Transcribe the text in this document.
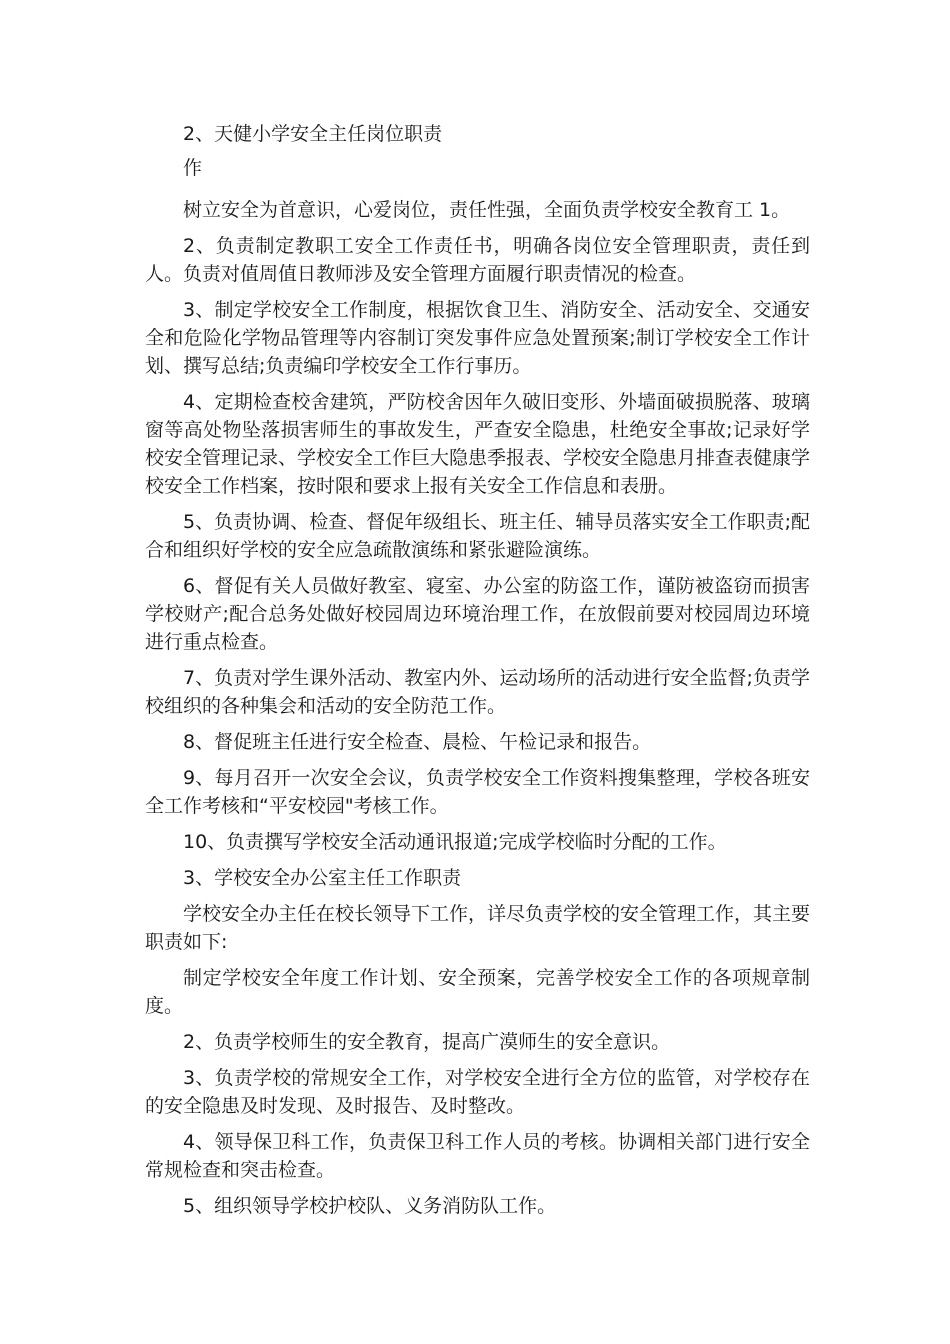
2、天健小学安全主任岗位职责

作

树立安全为首意识，心爱岗位，责任性强，全面负责学校安全教育工 1。

2、负责制定教职工安全工作责任书，明确各岗位安全管理职责，责任到人。负责对值周值日教师涉及安全管理方面履行职责情况的检查。

3、制定学校安全工作制度，根据饮食卫生、消防安全、活动安全、交通安全和危险化学物品管理等内容制订突发事件应急处置预案;制订学校安全工作计划、撰写总结;负责编印学校安全工作行事历。

4、定期检查校舍建筑，严防校舍因年久破旧变形、外墙面破损脱落、玻璃窗等高处物坠落损害师生的事故发生，严查安全隐患，杜绝安全事故;记录好学校安全管理记录、学校安全工作巨大隐患季报表、学校安全隐患月排查表健康学校安全工作档案，按时限和要求上报有关安全工作信息和表册。

5、负责协调、检查、督促年级组长、班主任、辅导员落实安全工作职责;配合和组织好学校的安全应急疏散演练和紧张避险演练。

6、督促有关人员做好教室、寝室、办公室的防盗工作，谨防被盗窃而损害学校财产;配合总务处做好校园周边环境治理工作，在放假前要对校园周边环境进行重点检查。

7、负责对学生课外活动、教室内外、运动场所的活动进行安全监督;负责学校组织的各种集会和活动的安全防范工作。

8、督促班主任进行安全检查、晨检、午检记录和报告。

9、每月召开一次安全会议，负责学校安全工作资料搜集整理，学校各班安全工作考核和“平安校园"考核工作。

10、负责撰写学校安全活动通讯报道;完成学校临时分配的工作。

3、学校安全办公室主任工作职责

学校安全办主任在校长领导下工作，详尽负责学校的安全管理工作，其主要职责如下:

制定学校安全年度工作计划、安全预案，完善学校安全工作的各项规章制度。

2、负责学校师生的安全教育，提高广漠师生的安全意识。

3、负责学校的常规安全工作，对学校安全进行全方位的监管，对学校存在的安全隐患及时发现、及时报告、及时整改。

4、领导保卫科工作，负责保卫科工作人员的考核。协调相关部门进行安全常规检查和突击检查。

5、组织领导学校护校队、义务消防队工作。
